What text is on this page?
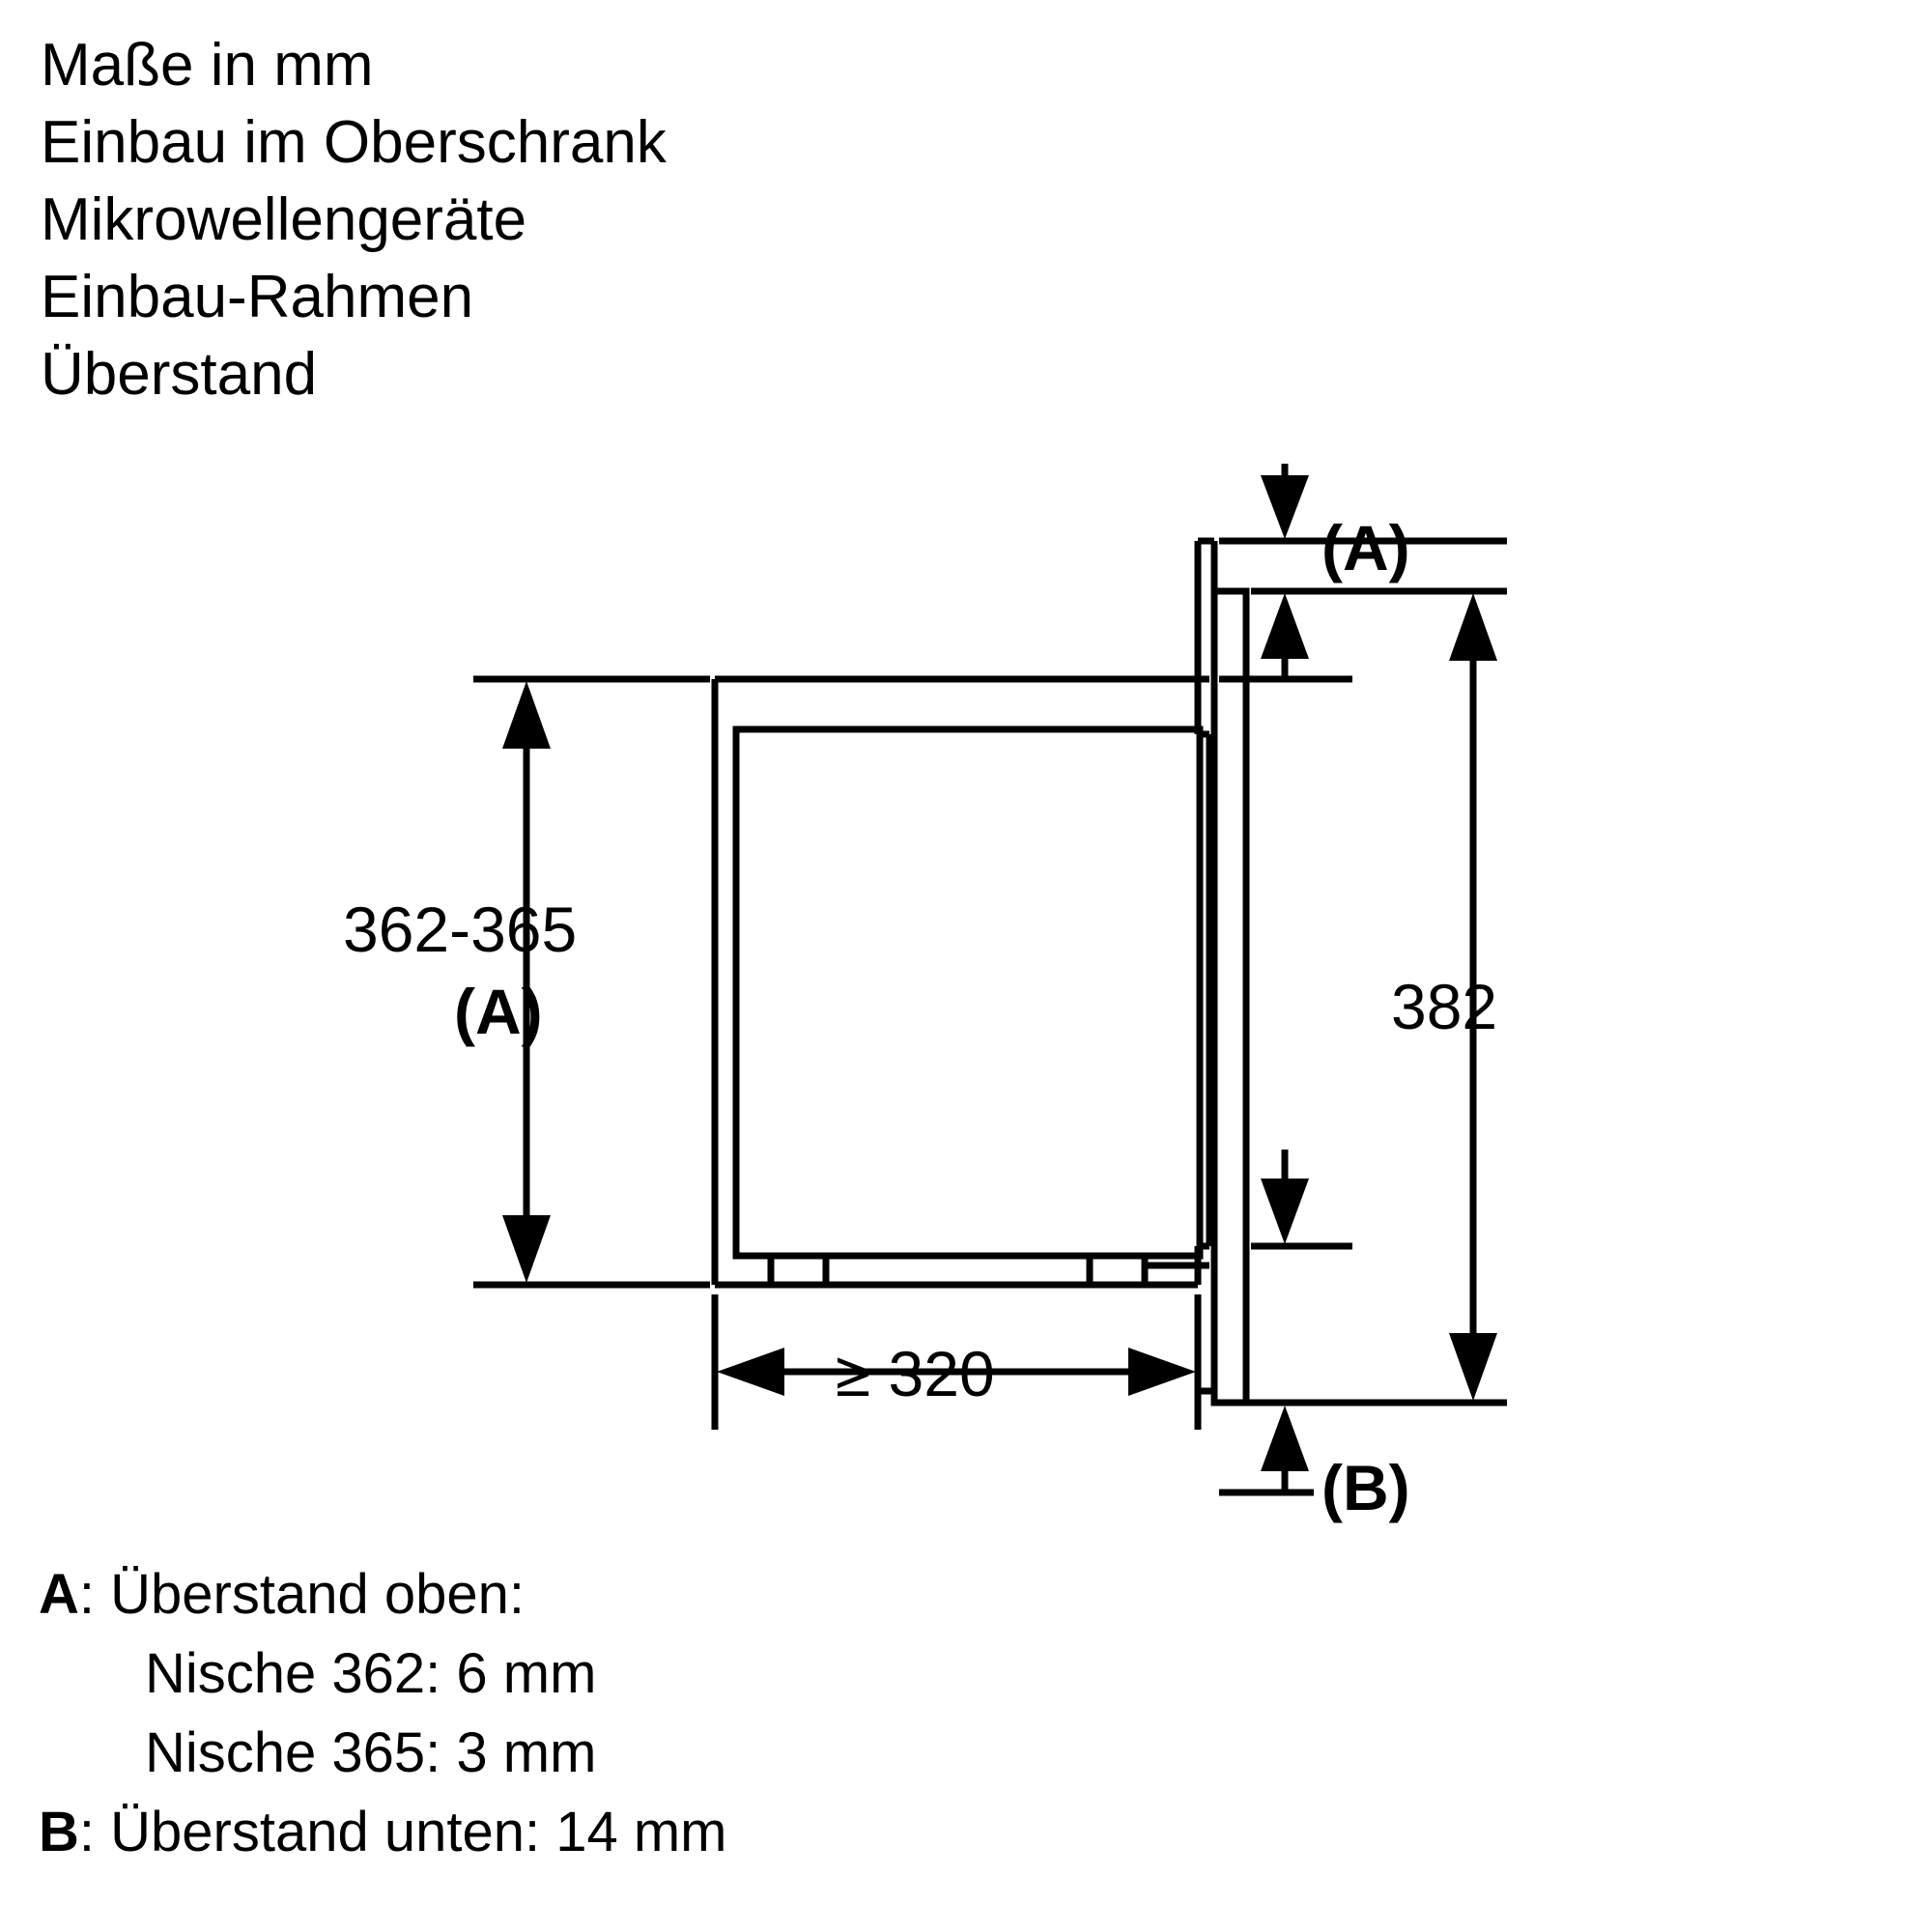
Maße in mm
Einbau im Oberschrank
Mikrowellengeräte
Einbau-Rahmen
Überstand
362-365
(A)
≥ 320
382
(A)
(B)
A: Überstand oben:
Nische 362: 6 mm
Nische 365: 3 mm
B: Überstand unten: 14 mm
